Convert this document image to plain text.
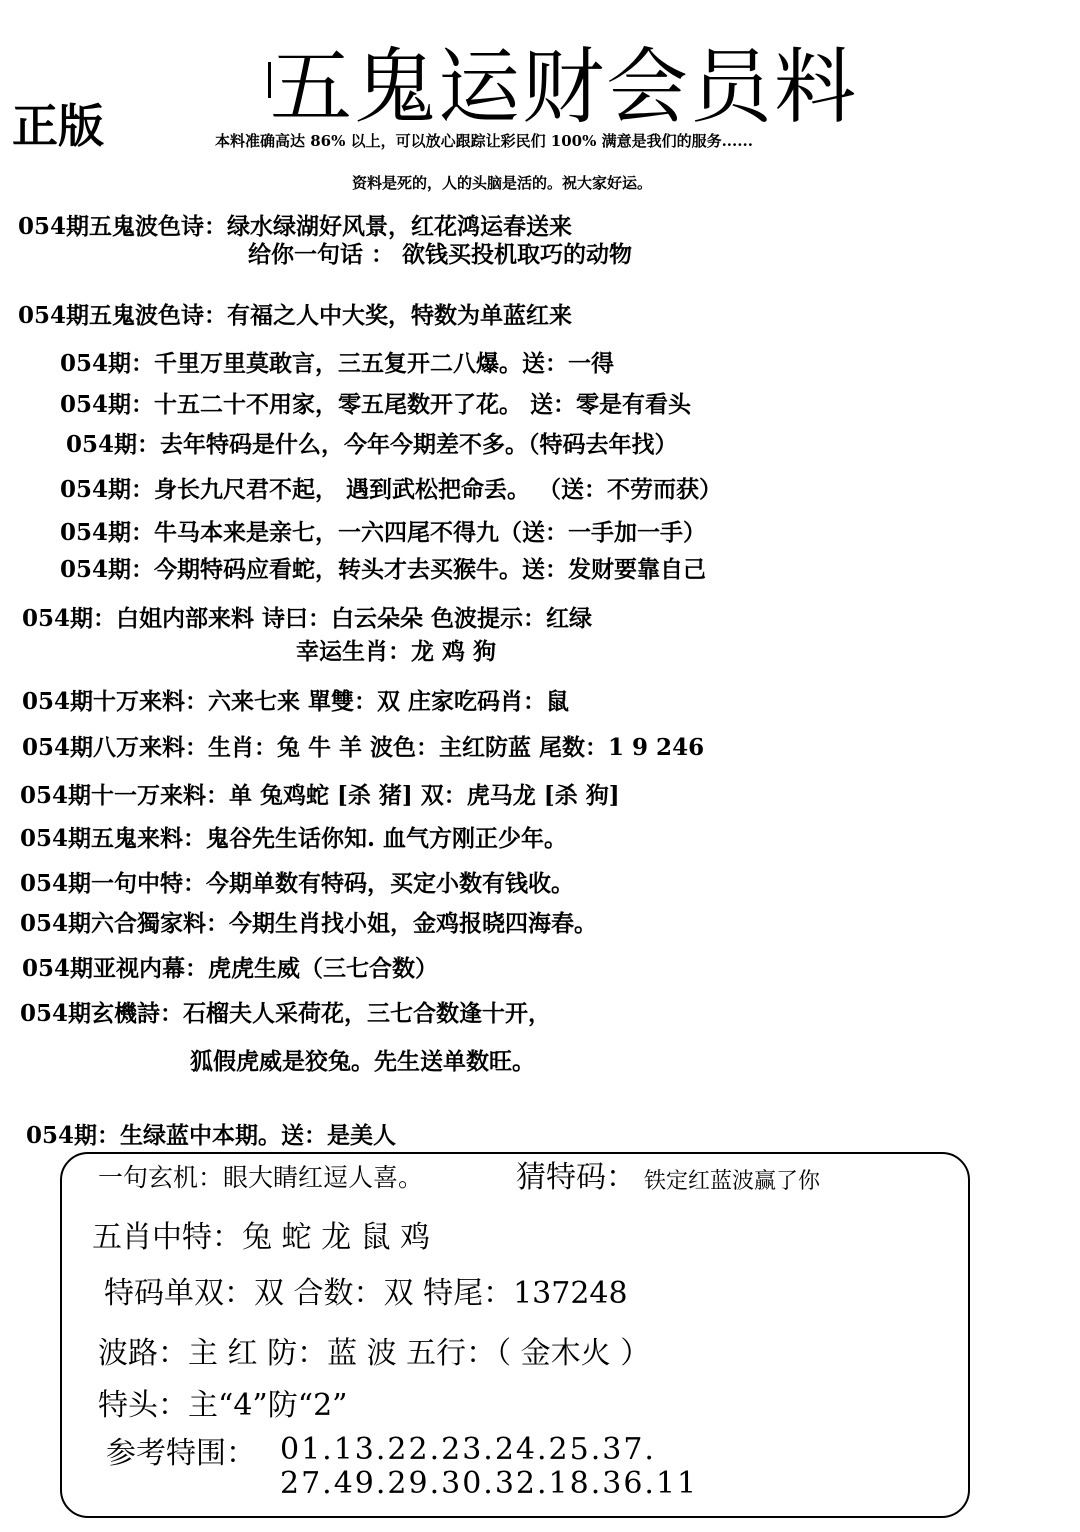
五鬼运财会员料
正版	本料准确高达 86% 以上，可以放心跟踪让彩民们 100% 满意是我们的服务......
资料是死的，人的头脑是活的。祝大家好运。
054期五鬼波色诗：绿水绿湖好风景，红花鸿运春送来
给你一句话 ： 欲钱买投机取巧的动物
054期五鬼波色诗：有福之人中大奖，特数为单蓝红来
054期：千里万里莫敢言，三五复开二八爆。送：一得
054期：十五二十不用家，零五尾数开了花。 送：零是有看头
054期：去年特码是什么，今年今期差不多。（特码去年找）
054期：身长九尺君不起， 遇到武松把命丢。 （送：不劳而获）
054期：牛马本来是亲七，一六四尾不得九（送：一手加一手）
054期：今期特码应看蛇，转头才去买猴牛。送：发财要靠自己
054期：白姐内部来料 诗曰：白云朵朵 色波提示：红绿
幸运生肖：龙 鸡 狗
054期十万来料：六来七来 單雙：双 庄家吃码肖：鼠
054期八万来料：生肖：兔 牛 羊 波色：主红防蓝 尾数：1 9 246
054期十一万来料：单 兔鸡蛇 [杀 猪] 双：虎马龙 [杀 狗]
054期五鬼来料：鬼谷先生话你知. 血气方刚正少年。
054期一句中特：今期单数有特码，买定小数有钱收。
054期六合獨家料：今期生肖找小姐，金鸡报晓四海春。
054期亚视内幕：虎虎生威（三七合数）
054期玄機詩：石榴夫人采荷花，三七合数逢十开，
狐假虎威是狡兔。先生送单数旺。
054期：生绿蓝中本期。送：是美人
一句玄机：眼大睛红逗人喜。	猜特码： 铁定红蓝波赢了你
五肖中特：兔 蛇 龙 鼠 鸡
特码单双：双 合数：双 特尾：137248
波路：主 红 防：蓝 波 五行：（ 金木火 ）
特头：主“4”防“2”
参考特围： 01.13.22.23.24.25.37.
27.49.29.30.32.18.36.11
